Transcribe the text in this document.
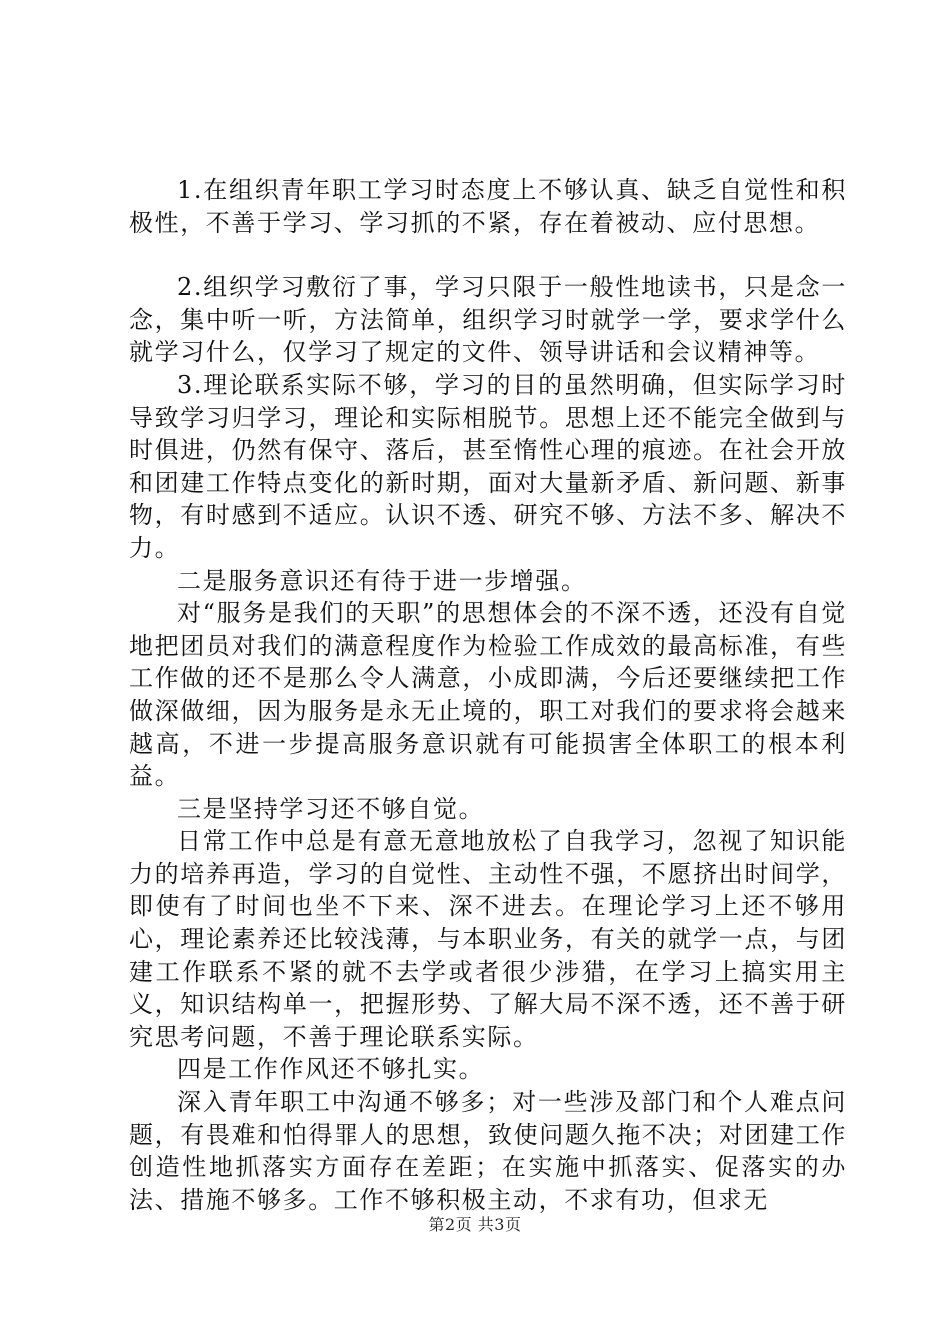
1.在组织青年职工学习时态度上不够认真、缺乏自觉性和积极性，不善于学习、学习抓的不紧，存在着被动、应付思想。

2.组织学习敷衍了事，学习只限于一般性地读书，只是念一念，集中听一听，方法简单，组织学习时就学一学，要求学什么就学习什么，仅学习了规定的文件、领导讲话和会议精神等。

3.理论联系实际不够，学习的目的虽然明确，但实际学习时导致学习归学习，理论和实际相脱节。思想上还不能完全做到与时俱进，仍然有保守、落后，甚至惰性心理的痕迹。在社会开放和团建工作特点变化的新时期，面对大量新矛盾、新问题、新事物，有时感到不适应。认识不透、研究不够、方法不多、解决不力。

二是服务意识还有待于进一步增强。

对“服务是我们的天职”的思想体会的不深不透，还没有自觉地把团员对我们的满意程度作为检验工作成效的最高标准，有些工作做的还不是那么令人满意，小成即满，今后还要继续把工作做深做细，因为服务是永无止境的，职工对我们的要求将会越来越高，不进一步提高服务意识就有可能损害全体职工的根本利益。

三是坚持学习还不够自觉。

日常工作中总是有意无意地放松了自我学习，忽视了知识能力的培养再造，学习的自觉性、主动性不强，不愿挤出时间学，即使有了时间也坐不下来、深不进去。在理论学习上还不够用心，理论素养还比较浅薄，与本职业务，有关的就学一点，与团建工作联系不紧的就不去学或者很少涉猎，在学习上搞实用主义，知识结构单一，把握形势、了解大局不深不透，还不善于研究思考问题，不善于理论联系实际。

四是工作作风还不够扎实。

深入青年职工中沟通不够多；对一些涉及部门和个人难点问题，有畏难和怕得罪人的思想，致使问题久拖不决；对团建工作创造性地抓落实方面存在差距；在实施中抓落实、促落实的办法、措施不够多。工作不够积极主动，不求有功，但求无

第2页 共3页
